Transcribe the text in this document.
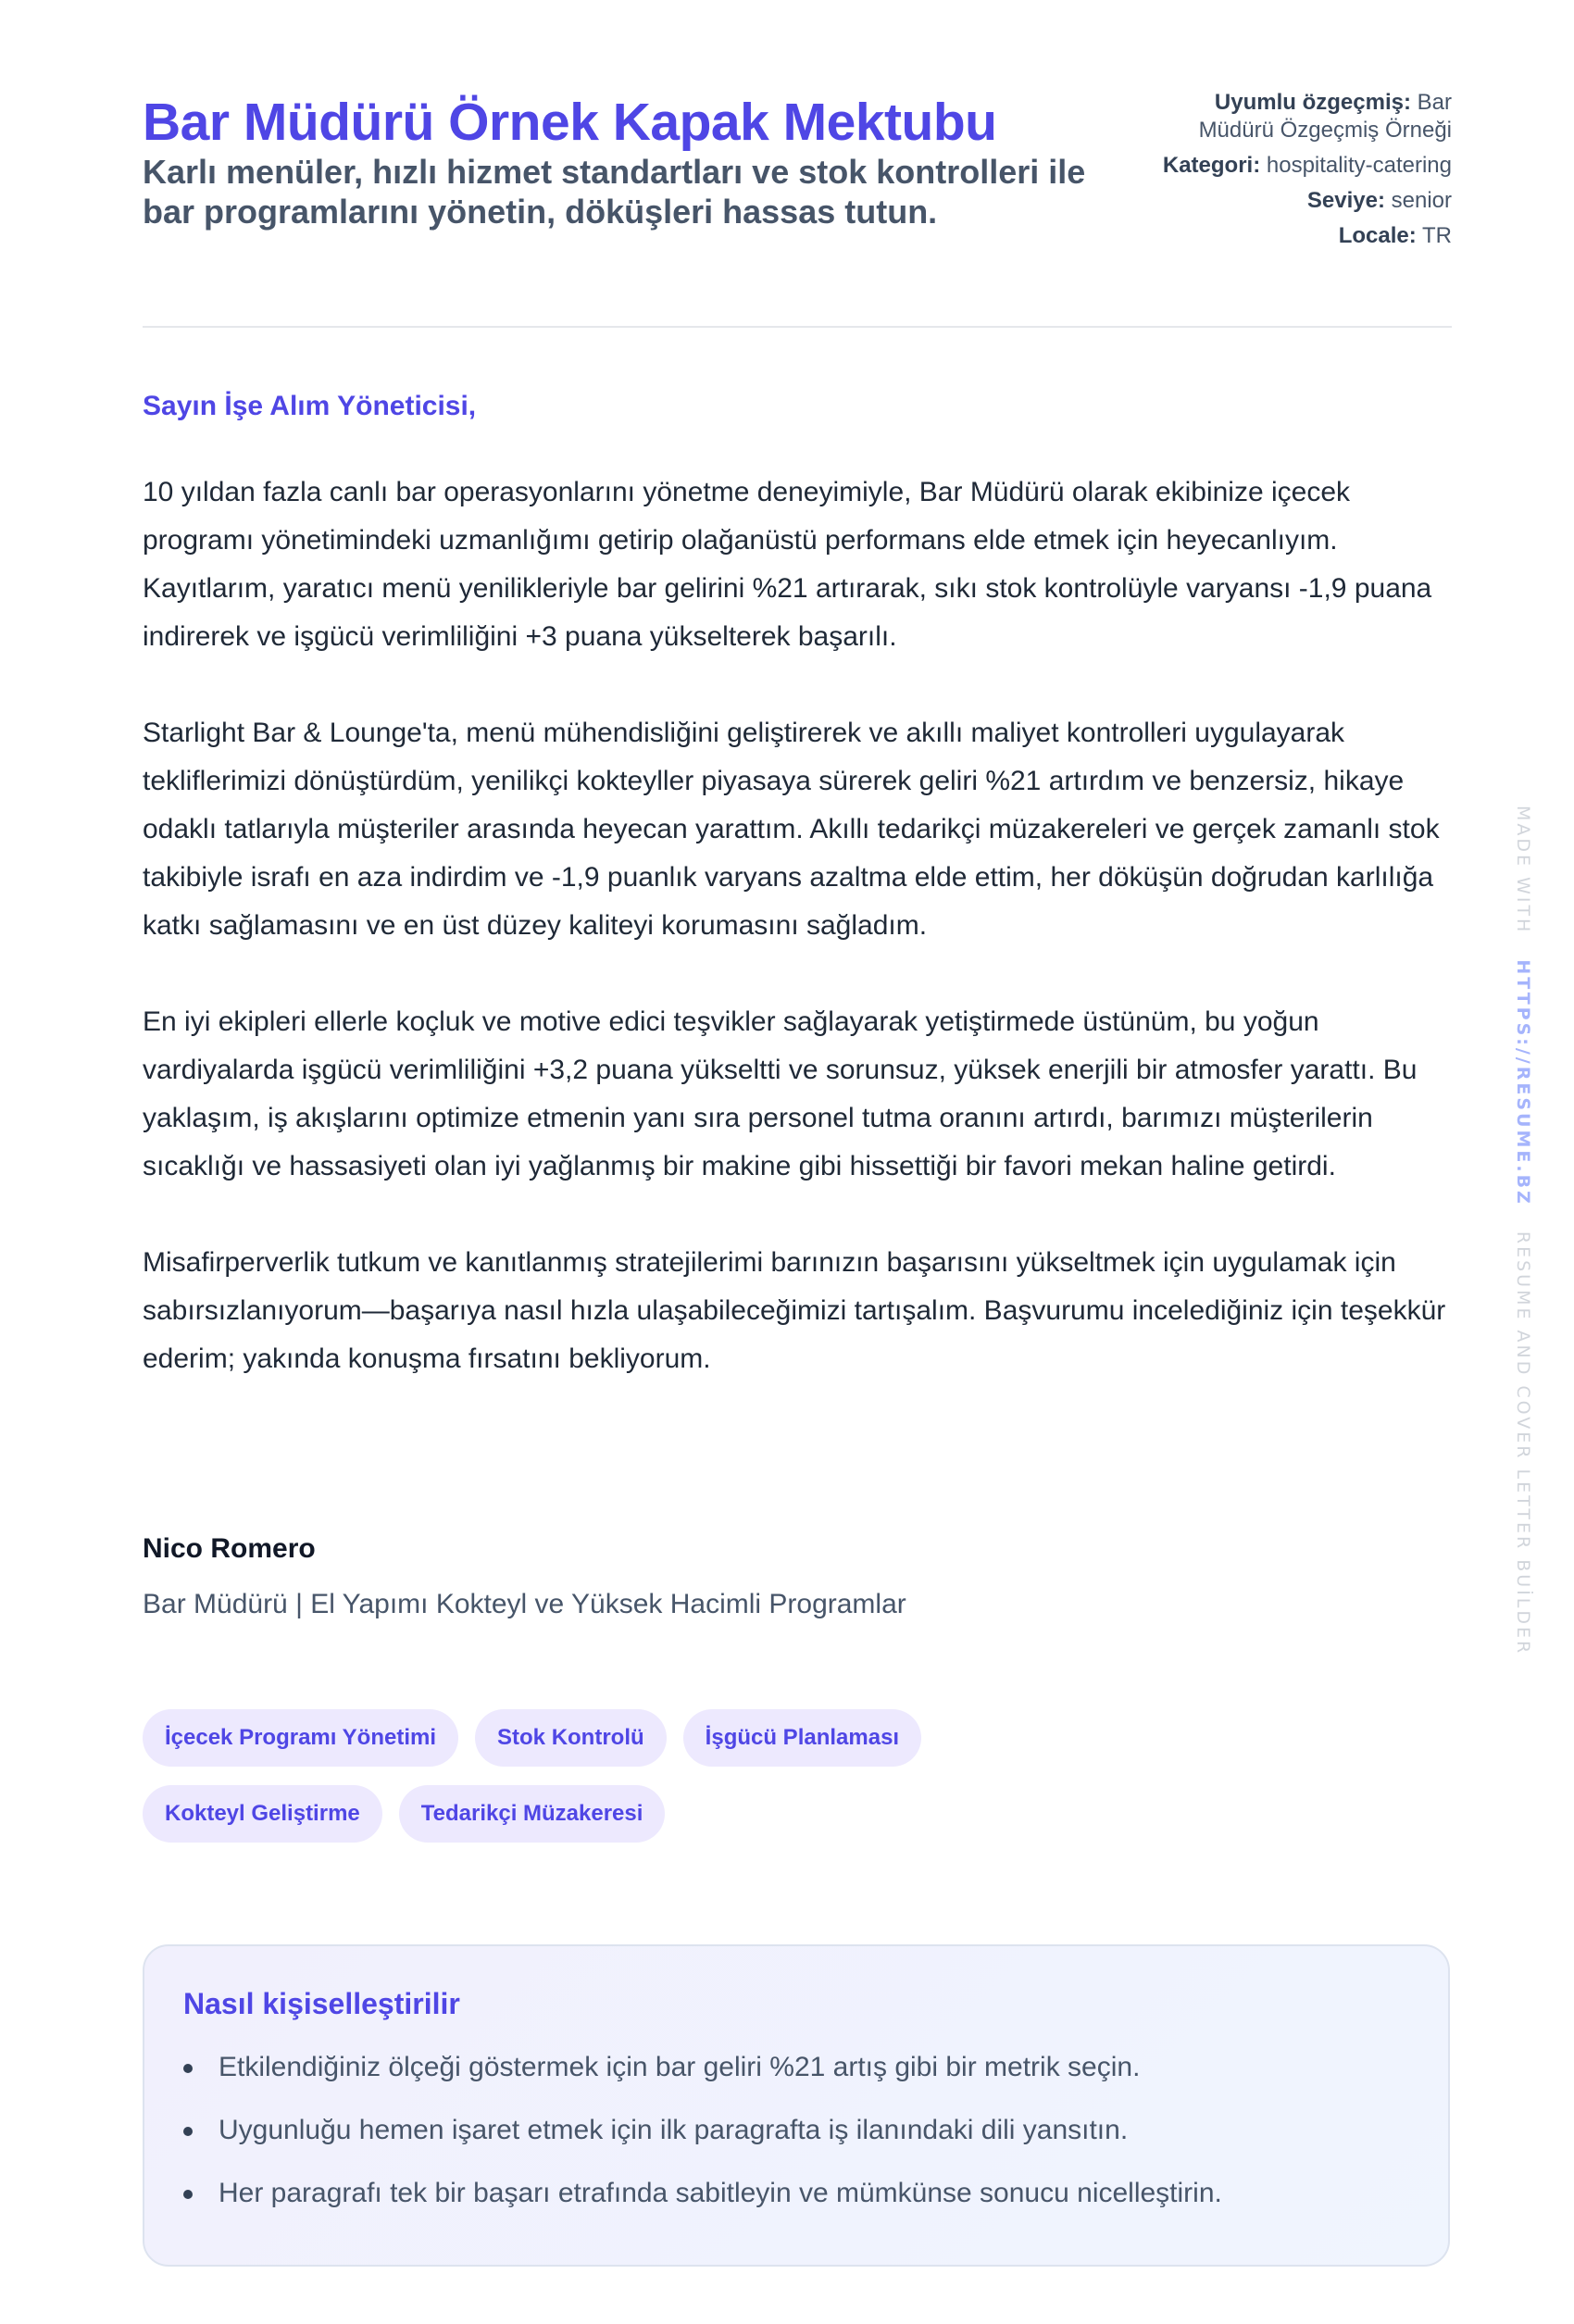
Bar Müdürü Örnek Kapak Mektubu

Karlı menüler, hızlı hizmet standartları ve stok kontrolleri ile bar programlarını yönetin, döküşleri hassas tutun.

Uyumlu özgeçmiş: Bar Müdürü Özgeçmiş Örneği
Kategori: hospitality-catering
Seviye: senior
Locale: TR
Sayın İşe Alım Yöneticisi,

10 yıldan fazla canlı bar operasyonlarını yönetme deneyimiyle, Bar Müdürü olarak ekibinize içecek programı yönetimindeki uzmanlığımı getirip olağanüstü performans elde etmek için heyecanlıyım. Kayıtlarım, yaratıcı menü yenilikleriyle bar gelirini %21 artırarak, sıkı stok kontrolüyle varyansı -1,9 puana indirerek ve işgücü verimliliğini +3 puana yükselterek başarılı.

Starlight Bar & Lounge'ta, menü mühendisliğini geliştirerek ve akıllı maliyet kontrolleri uygulayarak tekliflerimizi dönüştürdüm, yenilikçi kokteyller piyasaya sürerek geliri %21 artırdım ve benzersiz, hikaye odaklı tatlarıyla müşteriler arasında heyecan yarattım. Akıllı tedarikçi müzakereleri ve gerçek zamanlı stok takibiyle israfı en aza indirdim ve -1,9 puanlık varyans azaltma elde ettim, her döküşün doğrudan karlılığa katkı sağlamasını ve en üst düzey kaliteyi korumasını sağladım.

En iyi ekipleri ellerle koçluk ve motive edici teşvikler sağlayarak yetiştirmede üstünüm, bu yoğun vardiyalarda işgücü verimliliğini +3,2 puana yükseltti ve sorunsuz, yüksek enerjili bir atmosfer yarattı. Bu yaklaşım, iş akışlarını optimize etmenin yanı sıra personel tutma oranını artırdı, barımızı müşterilerin sıcaklığı ve hassasiyeti olan iyi yağlanmış bir makine gibi hissettiği bir favori mekan haline getirdi.

Misafirperverlik tutkum ve kanıtlanmış stratejilerimi barınızın başarısını yükseltmek için uygulamak için sabırsızlanıyorum—başarıya nasıl hızla ulaşabileceğimizi tartışalım. Başvurumu incelediğiniz için teşekkür ederim; yakında konuşma fırsatını bekliyorum.

Nico Romero
Bar Müdürü | El Yapımı Kokteyl ve Yüksek Hacimli Programlar
İçecek Programı Yönetimi	Stok Kontrolü	İşgücü Planlaması
Kokteyl Geliştirme	Tedarikçi Müzakeresi
Nasıl kişiselleştirilir
Etkilendiğiniz ölçeği göstermek için bar geliri %21 artış gibi bir metrik seçin.
Uygunluğu hemen işaret etmek için ilk paragrafta iş ilanındaki dili yansıtın.
Her paragrafı tek bir başarı etrafında sabitleyin ve mümkünse sonucu nicelleştirin.
MADE WITH HTTPS://RESUME.BZ RESUME AND COVER LETTER BUİLDER
